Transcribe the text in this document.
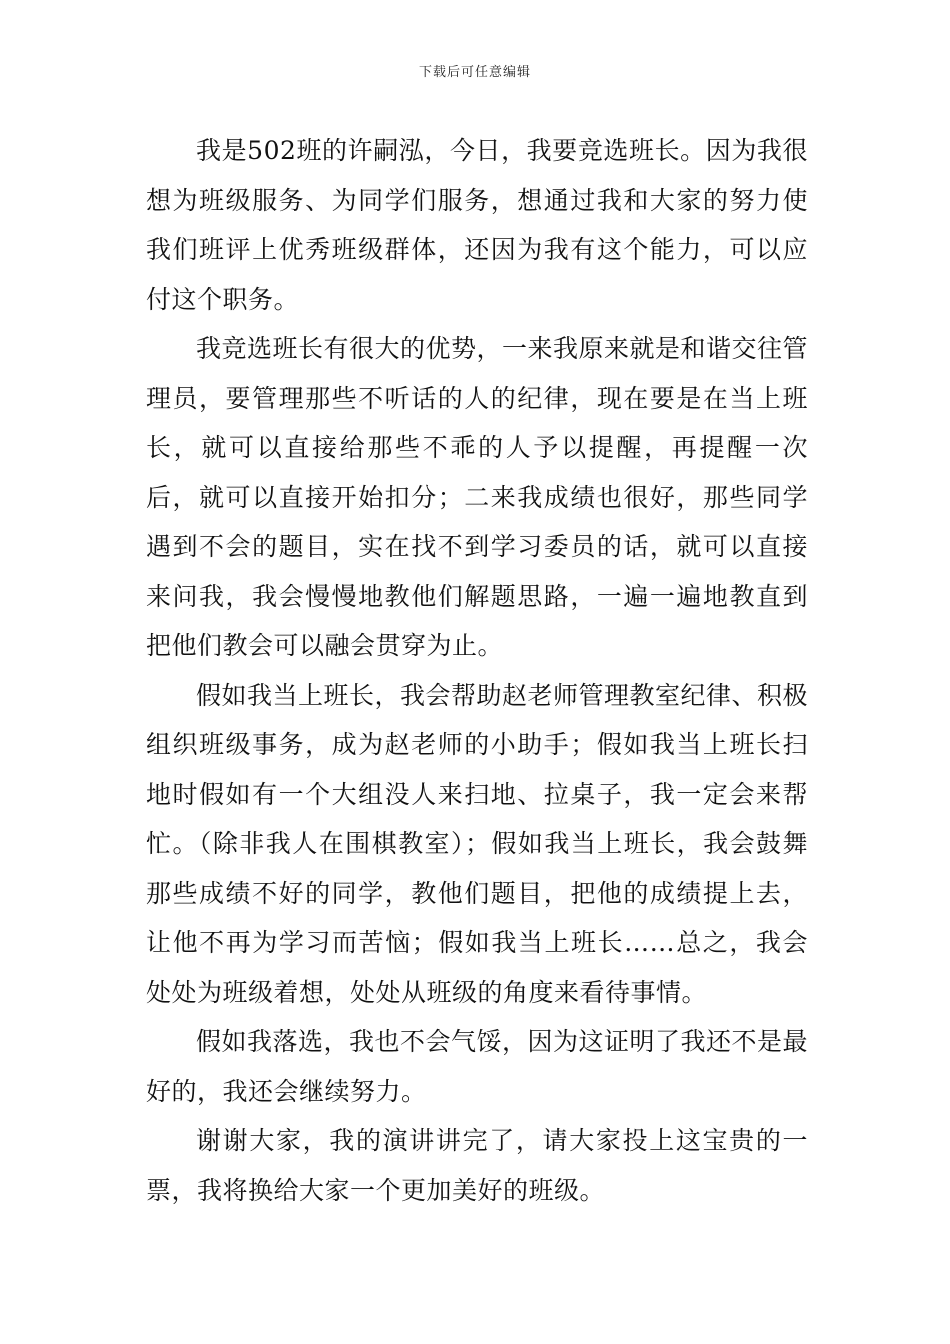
下载后可任意编辑

我是502班的许嗣泓，今日，我要竞选班长。因为我很想为班级服务、为同学们服务，想通过我和大家的努力使我们班评上优秀班级群体，还因为我有这个能力，可以应付这个职务。

我竞选班长有很大的优势，一来我原来就是和谐交往管理员，要管理那些不听话的人的纪律，现在要是在当上班长，就可以直接给那些不乖的人予以提醒，再提醒一次后，就可以直接开始扣分；二来我成绩也很好，那些同学遇到不会的题目，实在找不到学习委员的话，就可以直接来问我，我会慢慢地教他们解题思路，一遍一遍地教直到把他们教会可以融会贯穿为止。

假如我当上班长，我会帮助赵老师管理教室纪律、积极组织班级事务，成为赵老师的小助手；假如我当上班长扫地时假如有一个大组没人来扫地、拉桌子，我一定会来帮忙。（除非我人在围棋教室）；假如我当上班长，我会鼓舞那些成绩不好的同学，教他们题目，把他的成绩提上去，让他不再为学习而苦恼；假如我当上班长……总之，我会处处为班级着想，处处从班级的角度来看待事情。

假如我落选，我也不会气馁，因为这证明了我还不是最好的，我还会继续努力。

谢谢大家，我的演讲讲完了，请大家投上这宝贵的一票，我将换给大家一个更加美好的班级。
